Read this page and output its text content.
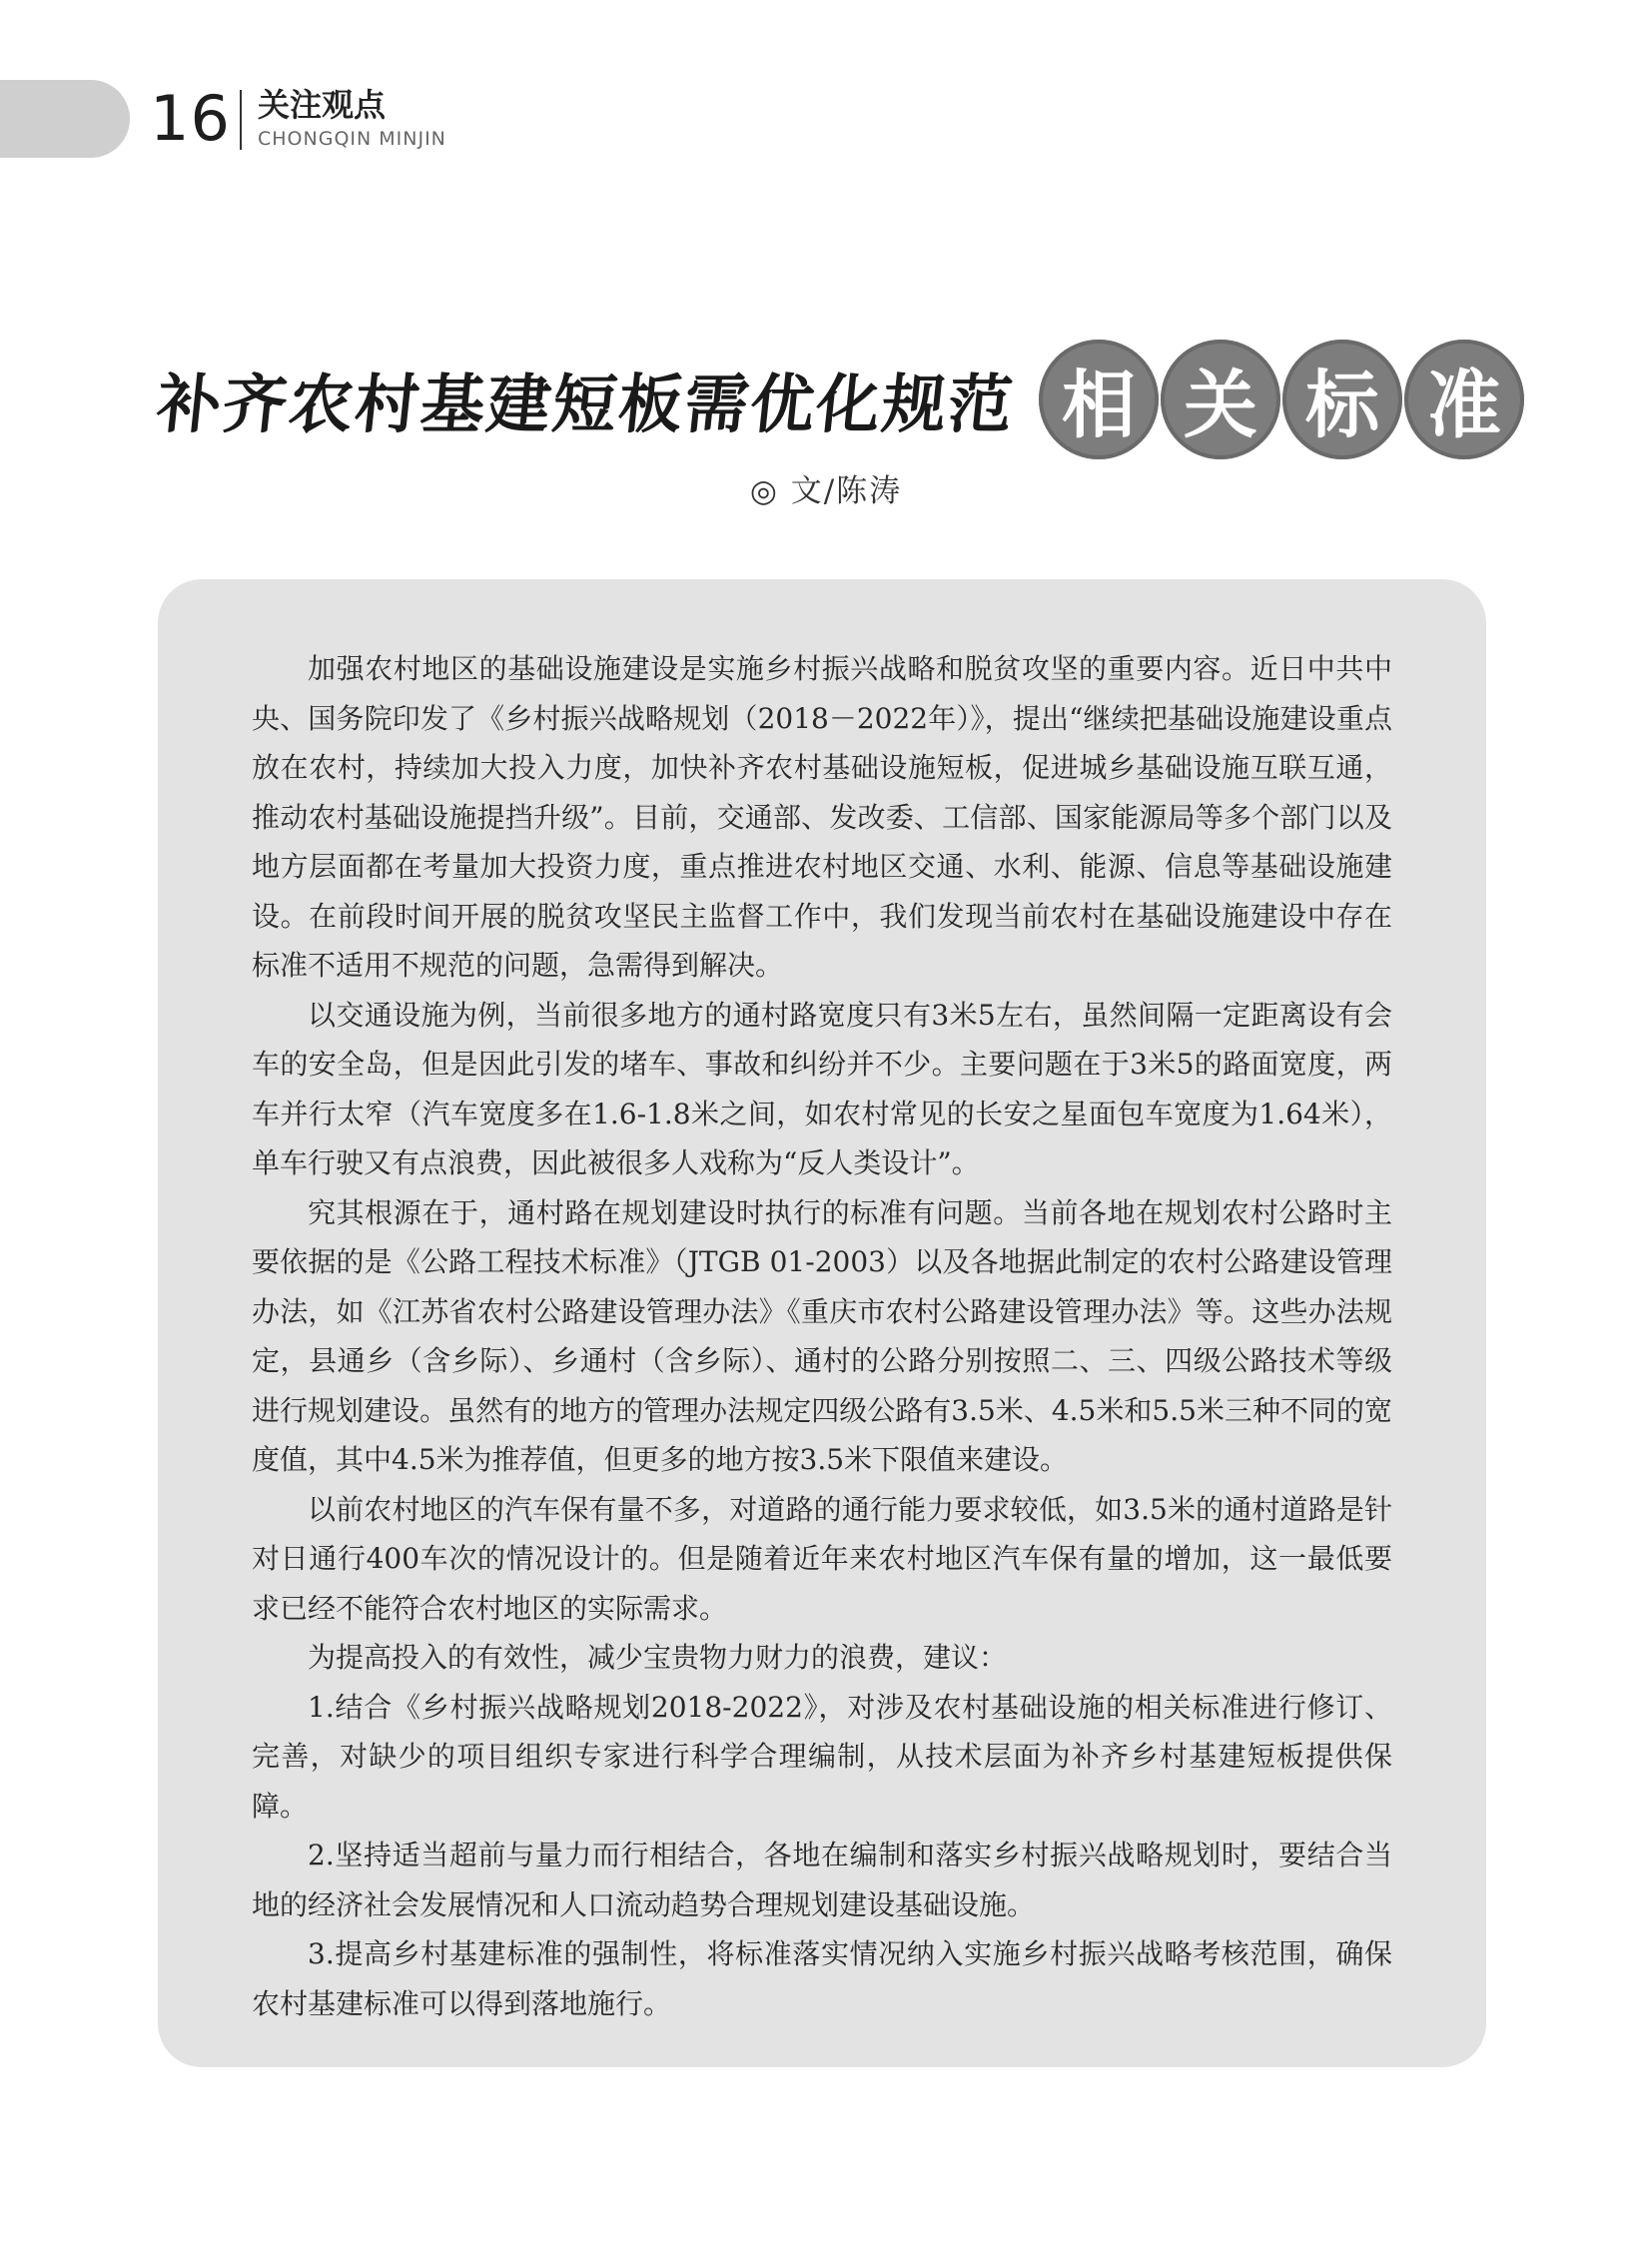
16 关注观点
CHONGQIN MINJIN
补齐农村基建短板需优化规范 相 关 标 准
◎ 文/陈涛

加强农村地区的基础设施建设是实施乡村振兴战略和脱贫攻坚的重要内容。近日中共中央、国务院印发了《乡村振兴战略规划（2018－2022年）》，提出“继续把基础设施建设重点放在农村，持续加大投入力度，加快补齐农村基础设施短板，促进城乡基础设施互联互通，推动农村基础设施提挡升级”。目前，交通部、发改委、工信部、国家能源局等多个部门以及地方层面都在考量加大投资力度，重点推进农村地区交通、水利、能源、信息等基础设施建设。在前段时间开展的脱贫攻坚民主监督工作中，我们发现当前农村在基础设施建设中存在标准不适用不规范的问题，急需得到解决。

以交通设施为例，当前很多地方的通村路宽度只有3米5左右，虽然间隔一定距离设有会车的安全岛，但是因此引发的堵车、事故和纠纷并不少。主要问题在于3米5的路面宽度，两车并行太窄（汽车宽度多在1.6-1.8米之间，如农村常见的长安之星面包车宽度为1.64米），单车行驶又有点浪费，因此被很多人戏称为“反人类设计”。

究其根源在于，通村路在规划建设时执行的标准有问题。当前各地在规划农村公路时主要依据的是《公路工程技术标准》（JTGB 01-2003）以及各地据此制定的农村公路建设管理办法，如《江苏省农村公路建设管理办法》《重庆市农村公路建设管理办法》等。这些办法规定，县通乡（含乡际）、乡通村（含乡际）、通村的公路分别按照二、三、四级公路技术等级进行规划建设。虽然有的地方的管理办法规定四级公路有3.5米、4.5米和5.5米三种不同的宽度值，其中4.5米为推荐值，但更多的地方按3.5米下限值来建设。

以前农村地区的汽车保有量不多，对道路的通行能力要求较低，如3.5米的通村道路是针对日通行400车次的情况设计的。但是随着近年来农村地区汽车保有量的增加，这一最低要求已经不能符合农村地区的实际需求。

为提高投入的有效性，减少宝贵物力财力的浪费，建议：

1.结合《乡村振兴战略规划2018-2022》，对涉及农村基础设施的相关标准进行修订、完善，对缺少的项目组织专家进行科学合理编制，从技术层面为补齐乡村基建短板提供保障。

2.坚持适当超前与量力而行相结合，各地在编制和落实乡村振兴战略规划时，要结合当地的经济社会发展情况和人口流动趋势合理规划建设基础设施。

3.提高乡村基建标准的强制性，将标准落实情况纳入实施乡村振兴战略考核范围，确保农村基建标准可以得到落地施行。
